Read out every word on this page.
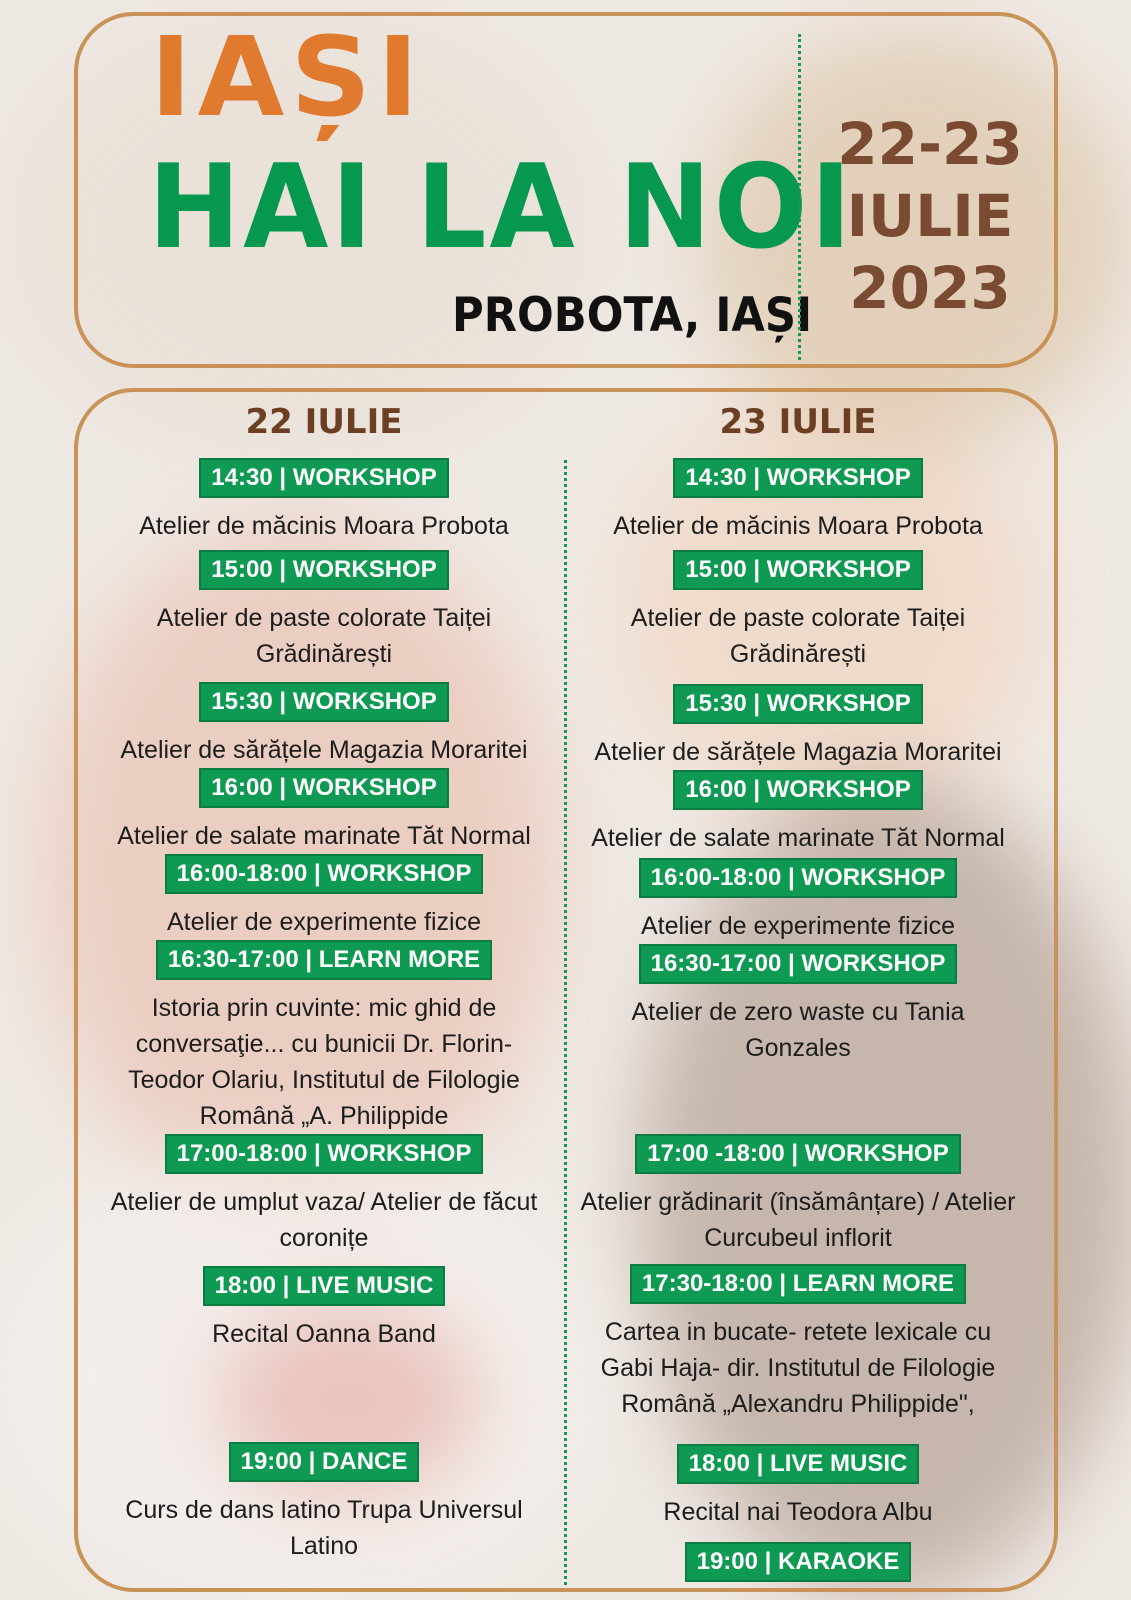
IAȘI
HAI LA NOI
PROBOTA, IAȘI
22-23
IULIE
2023
22 IULIE
14:30 | WORKSHOP
Atelier de măcinis Moara Probota
15:00 | WORKSHOP
Atelier de paste colorate Taiței Grădinărești
15:30 | WORKSHOP
Atelier de sărățele Magazia Moraritei
16:00 | WORKSHOP
Atelier de salate marinate Tăt Normal
16:00-18:00 | WORKSHOP
Atelier de experimente fizice
16:30-17:00 | LEARN MORE
Istoria prin cuvinte: mic ghid de conversaţie... cu bunicii Dr. Florin-Teodor Olariu, Institutul de Filologie Română „A. Philippide
17:00-18:00 | WORKSHOP
Atelier de umplut vaza/ Atelier de făcut coronițe
18:00 | LIVE MUSIC
Recital Oanna Band
19:00 | DANCE
Curs de dans latino Trupa Universul Latino
23 IULIE
14:30 | WORKSHOP
Atelier de măcinis Moara Probota
15:00 | WORKSHOP
Atelier de paste colorate Taiței Grădinărești
15:30 | WORKSHOP
Atelier de sărățele Magazia Moraritei
16:00 | WORKSHOP
Atelier de salate marinate Tăt Normal
16:00-18:00 | WORKSHOP
Atelier de experimente fizice
16:30-17:00 | WORKSHOP
Atelier de zero waste cu Tania Gonzales
17:00 -18:00 | WORKSHOP
Atelier grădinarit (însămânțare) / Atelier Curcubeul inflorit
17:30-18:00 | LEARN MORE
Cartea in bucate- retete lexicale cu Gabi Haja- dir. Institutul de Filologie Română „Alexandru Philippide",
18:00 | LIVE MUSIC
Recital nai Teodora Albu
19:00 | KARAOKE
